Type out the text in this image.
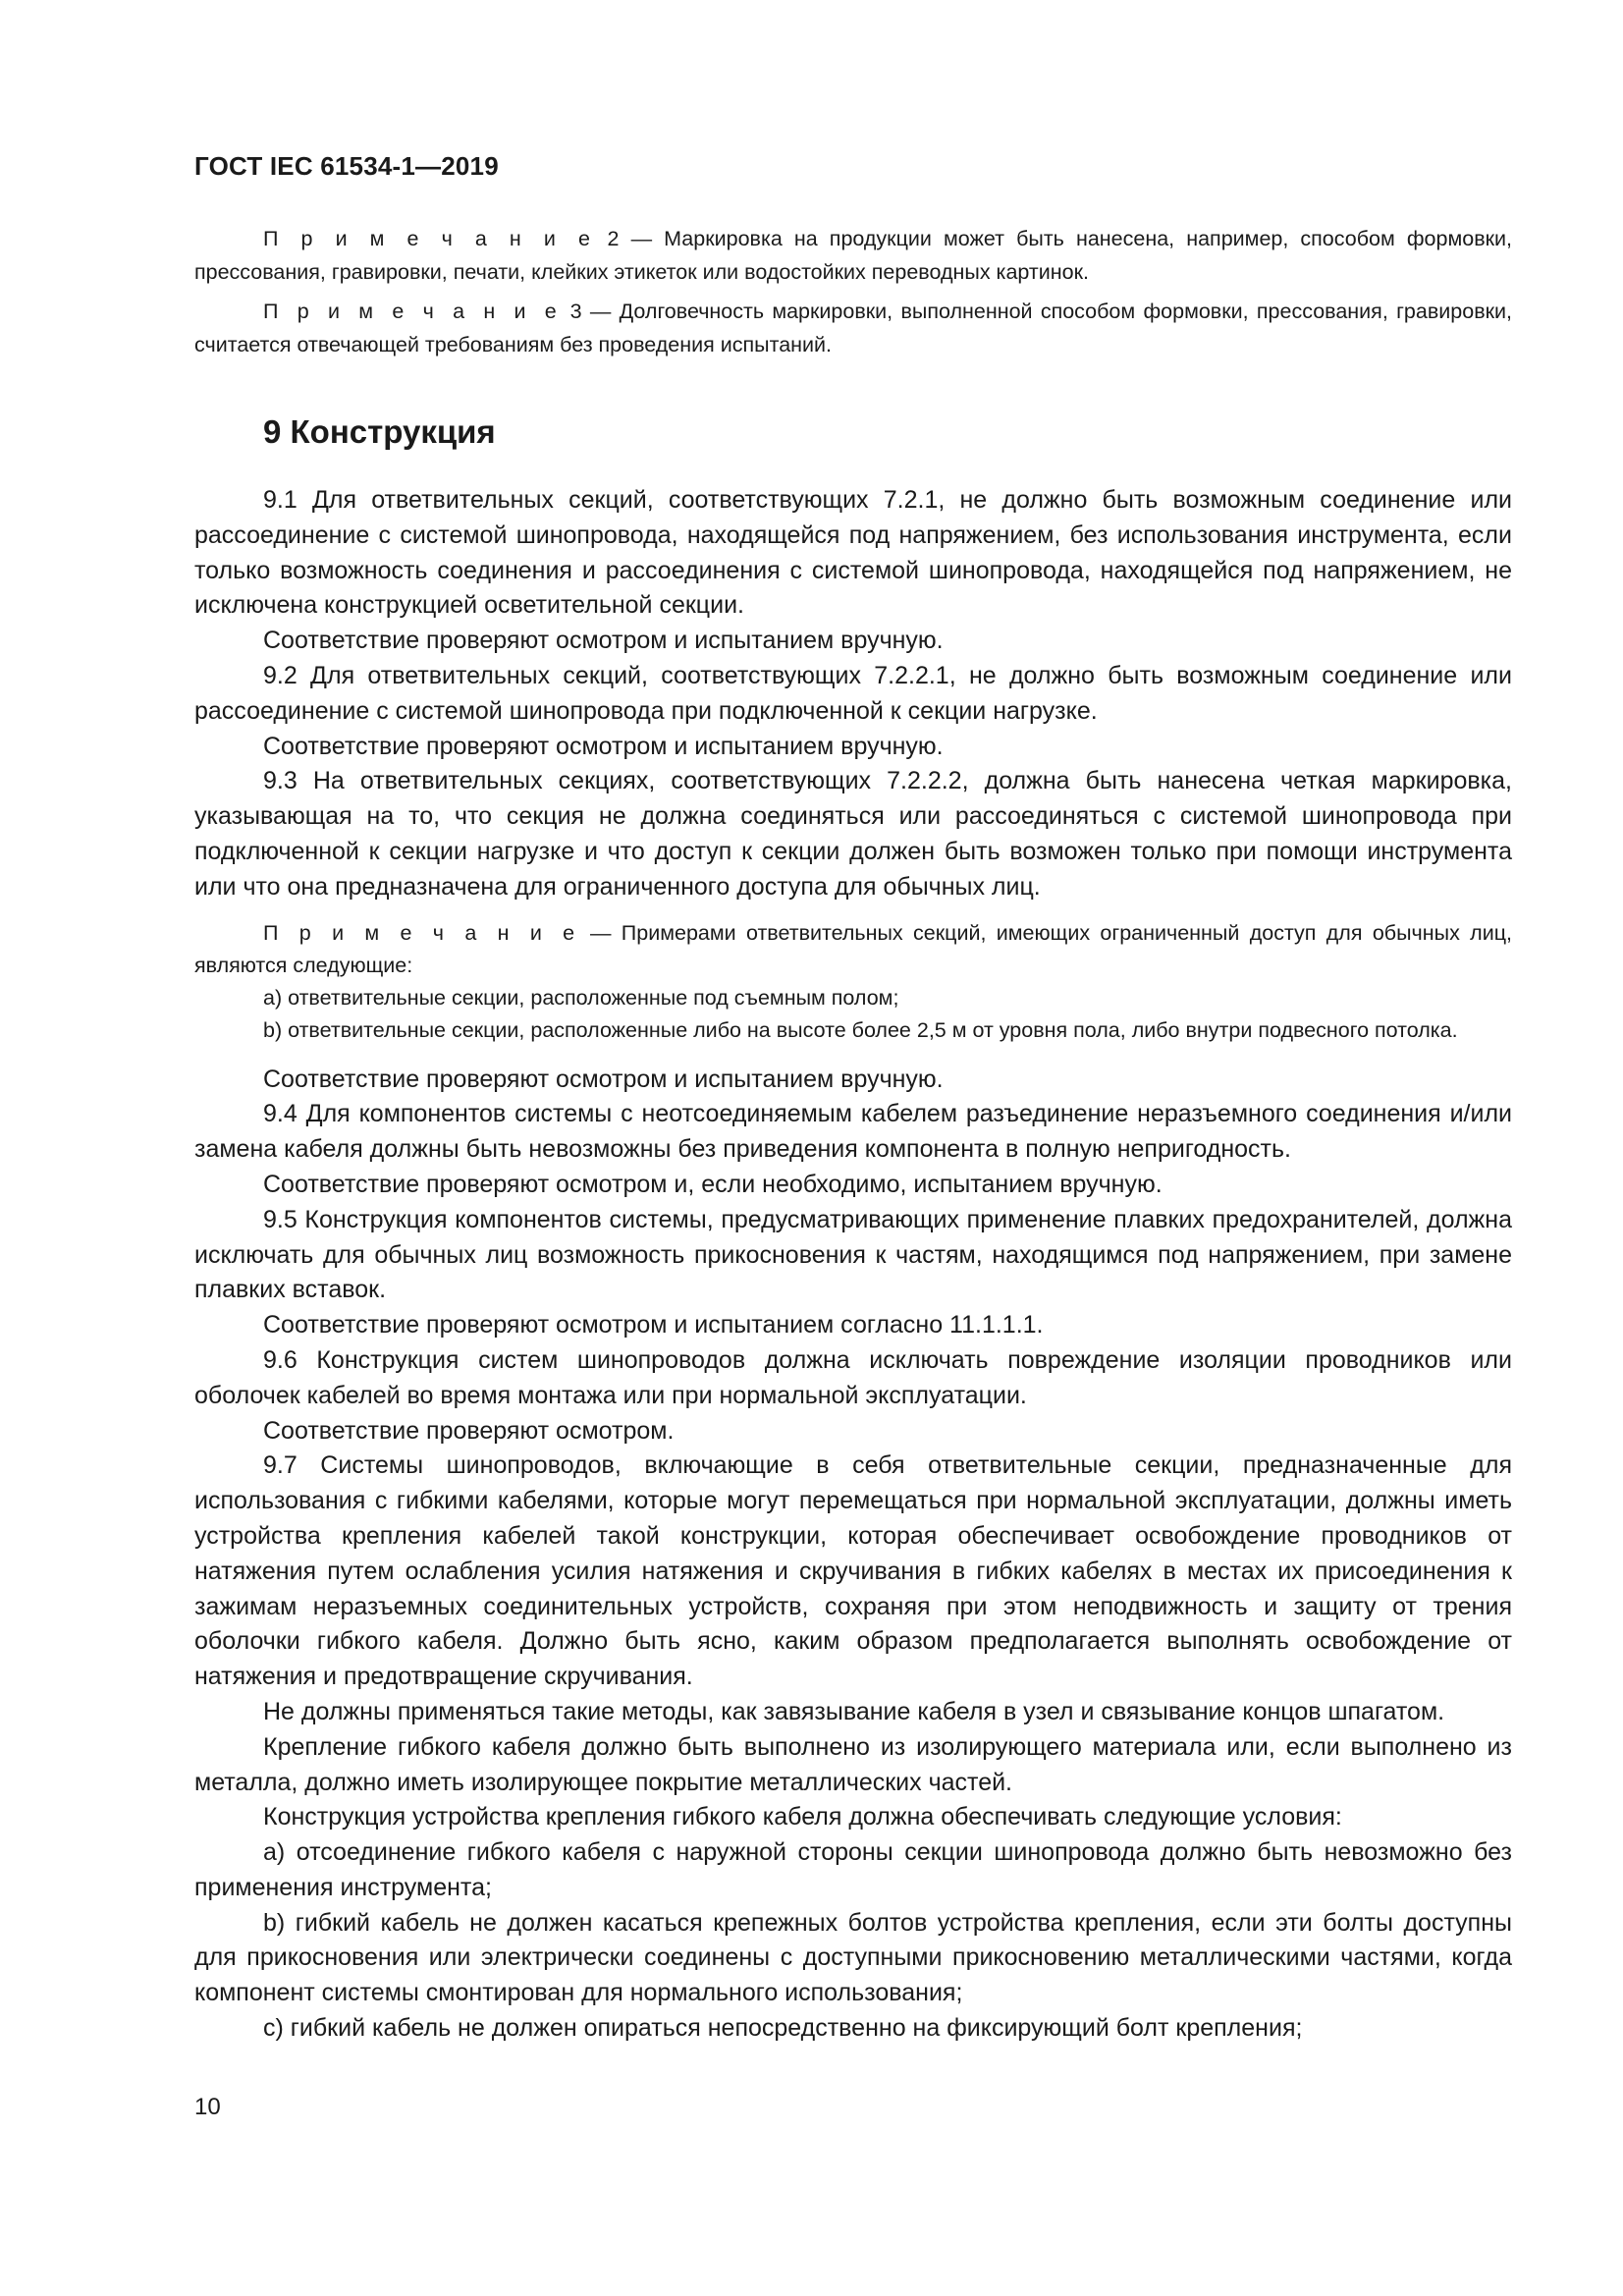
ГОСТ IEC 61534-1—2019

П р и м е ч а н и е 2 — Маркировка на продукции может быть нанесена, например, способом формовки, прессования, гравировки, печати, клейких этикеток или водостойких переводных картинок.

П р и м е ч а н и е 3 — Долговечность маркировки, выполненной способом формовки, прессования, гравировки, считается отвечающей требованиям без проведения испытаний.

9 Конструкция

9.1 Для ответвительных секций, соответствующих 7.2.1, не должно быть возможным соединение или рассоединение с системой шинопровода, находящейся под напряжением, без использования инструмента, если только возможность соединения и рассоединения с системой шинопровода, находящейся под напряжением, не исключена конструкцией осветительной секции.

Соответствие проверяют осмотром и испытанием вручную.

9.2 Для ответвительных секций, соответствующих 7.2.2.1, не должно быть возможным соединение или рассоединение с системой шинопровода при подключенной к секции нагрузке.

Соответствие проверяют осмотром и испытанием вручную.

9.3 На ответвительных секциях, соответствующих 7.2.2.2, должна быть нанесена четкая маркировка, указывающая на то, что секция не должна соединяться или рассоединяться с системой шинопровода при подключенной к секции нагрузке и что доступ к секции должен быть возможен только при помощи инструмента или что она предназначена для ограниченного доступа для обычных лиц.

П р и м е ч а н и е — Примерами ответвительных секций, имеющих ограниченный доступ для обычных лиц, являются следующие:

а) ответвительные секции, расположенные под съемным полом;

b) ответвительные секции, расположенные либо на высоте более 2,5 м от уровня пола, либо внутри подвесного потолка.

Соответствие проверяют осмотром и испытанием вручную.

9.4 Для компонентов системы с неотсоединяемым кабелем разъединение неразъемного соединения и/или замена кабеля должны быть невозможны без приведения компонента в полную непригодность.

Соответствие проверяют осмотром и, если необходимо, испытанием вручную.

9.5 Конструкция компонентов системы, предусматривающих применение плавких предохранителей, должна исключать для обычных лиц возможность прикосновения к частям, находящимся под напряжением, при замене плавких вставок.

Соответствие проверяют осмотром и испытанием согласно 11.1.1.1.

9.6 Конструкция систем шинопроводов должна исключать повреждение изоляции проводников или оболочек кабелей во время монтажа или при нормальной эксплуатации.

Соответствие проверяют осмотром.

9.7 Системы шинопроводов, включающие в себя ответвительные секции, предназначенные для использования с гибкими кабелями, которые могут перемещаться при нормальной эксплуатации, должны иметь устройства крепления кабелей такой конструкции, которая обеспечивает освобождение проводников от натяжения путем ослабления усилия натяжения и скручивания в гибких кабелях в местах их присоединения к зажимам неразъемных соединительных устройств, сохраняя при этом неподвижность и защиту от трения оболочки гибкого кабеля. Должно быть ясно, каким образом предполагается выполнять освобождение от натяжения и предотвращение скручивания.

Не должны применяться такие методы, как завязывание кабеля в узел и связывание концов шпагатом.

Крепление гибкого кабеля должно быть выполнено из изолирующего материала или, если выполнено из металла, должно иметь изолирующее покрытие металлических частей.

Конструкция устройства крепления гибкого кабеля должна обеспечивать следующие условия:

а) отсоединение гибкого кабеля с наружной стороны секции шинопровода должно быть невозможно без применения инструмента;

b) гибкий кабель не должен касаться крепежных болтов устройства крепления, если эти болты доступны для прикосновения или электрически соединены с доступными прикосновению металлическими частями, когда компонент системы смонтирован для нормального использования;

с) гибкий кабель не должен опираться непосредственно на фиксирующий болт крепления;

10
